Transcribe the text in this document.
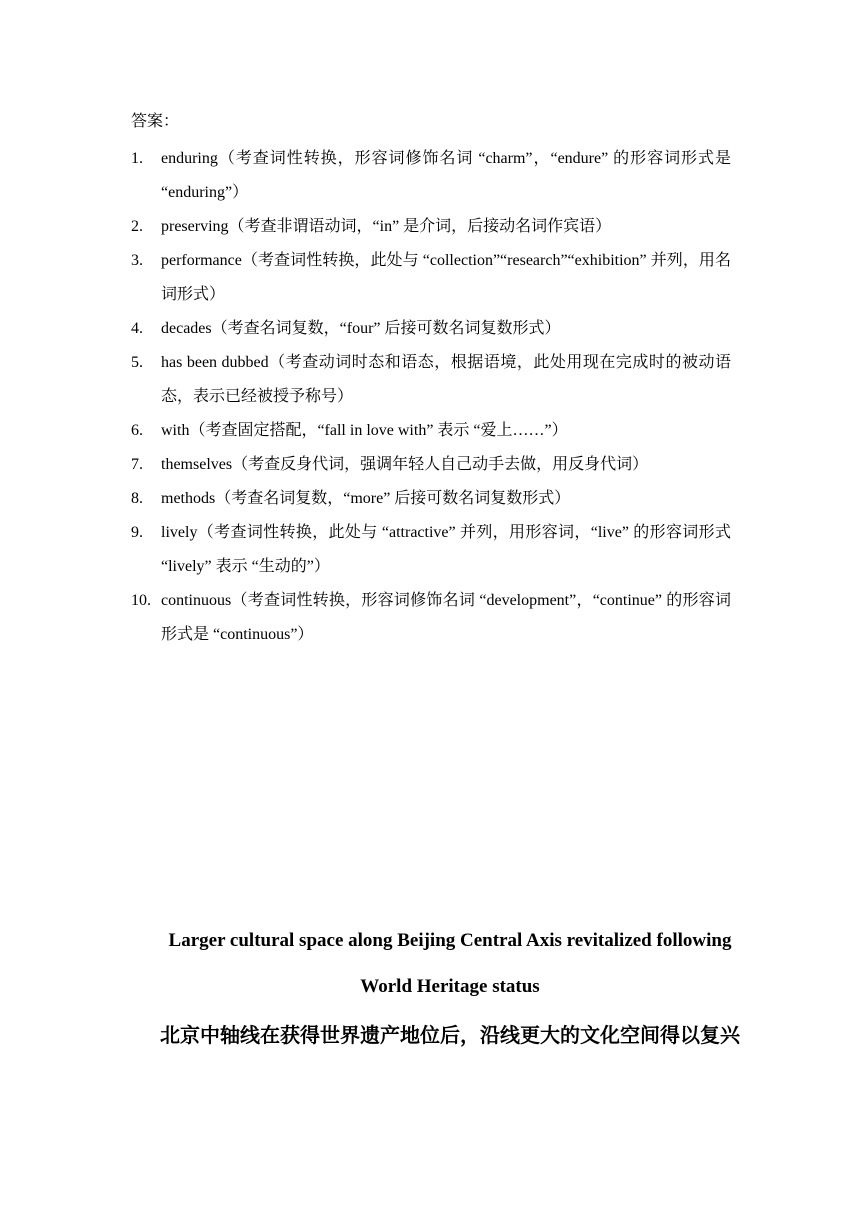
答案：
1. enduring（考查词性转换，形容词修饰名词 “charm”，“endure” 的形容词形式是 “enduring”）
2. preserving（考查非谓语动词，“in” 是介词，后接动名词作宾语）
3. performance（考查词性转换，此处与 “collection”“research”“exhibition” 并列，用名词形式）
4. decades（考查名词复数，“four” 后接可数名词复数形式）
5. has been dubbed（考查动词时态和语态，根据语境，此处用现在完成时的被动语态，表示已经被授予称号）
6. with（考查固定搭配，“fall in love with” 表示 “爱上……”）
7. themselves（考查反身代词，强调年轻人自己动手去做，用反身代词）
8. methods（考查名词复数，“more” 后接可数名词复数形式）
9. lively（考查词性转换，此处与 “attractive” 并列，用形容词，“live” 的形容词形式 “lively” 表示 “生动的”）
10. continuous（考查词性转换，形容词修饰名词 “development”，“continue” 的形容词形式是 “continuous”）
Larger cultural space along Beijing Central Axis revitalized following World Heritage status
北京中轴线在获得世界遗产地位后，沿线更大的文化空间得以复兴
